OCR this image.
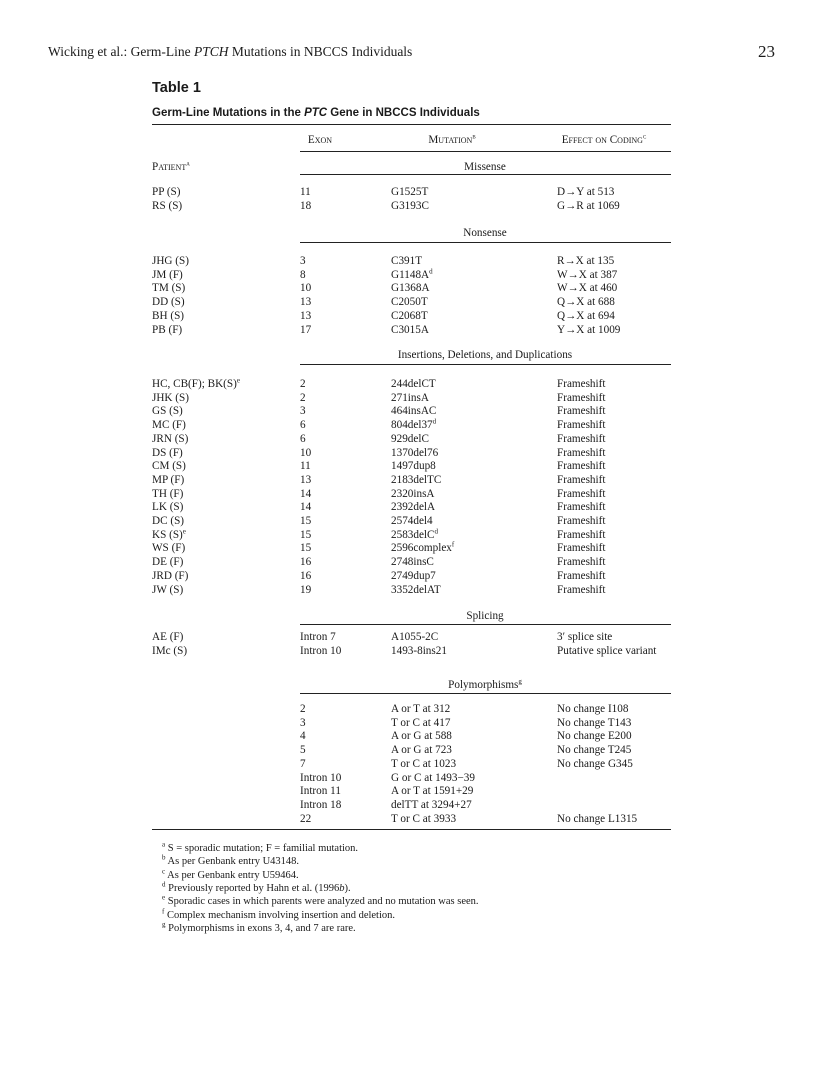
Wicking et al.: Germ-Line PTCH Mutations in NBCCS Individuals	23
Table 1
Germ-Line Mutations in the PTC Gene in NBCCS Individuals
Exon	Mutation$^b$	Effect on Coding$^c$
Patient$^a$	Missense
PP (S)	11	G1525T	D→Y at 513
RS (S)	18	G3193C	G→R at 1069
Nonsense
JHG (S)	3	C391T	R→X at 135
JM (F)	8	$G1148A^d$	W→X at 387
TM (S)	10	G1368A	W→X at 460
DD (S)	13	C2050T	Q→X at 688
BH (S)	13	C2068T	Q→X at 694
PB (F)	17	C3015A	Y→X at 1009
Insertions, Deletions, and Duplications
HC, CB(F); $BK(S)^e$	2	244delCT	Frameshift
JHK (S)	2	271insA	Frameshift
GS (S)	3	464insAC	Frameshift
MC (F)	6	804del37$^d$	Frameshift
JRN (S)	6	929delC	Frameshift
DS (F)	10	1370del76	Frameshift
CM (S)	11	1497dup8	Frameshift
MP (F)	13	2183delTC	Frameshift
TH (F)	14	2320insA	Frameshift
LK (S)	14	2392delA	Frameshift
DC (S)	15	2574del4	Frameshift
KS $(S)^e$	15	2583delC$^d$	Frameshift
WS (F)	15	2596complex$^f$	Frameshift
DE (F)	16	2748insC	Frameshift
JRD (F)	16	2749dup7	Frameshift
JW (S)	19	3352delAT	Frameshift
Splicing
AE (F)	Intron 7	A1055-2C	3′ splice site
IMc (S)	Intron 10	1493-8ins21	Putative splice variant
Polymorphisms$^g$
2	A or T at 312	No change I108
3	T or C at 417	No change T143
4	A or G at 588	No change E200
5	A or G at 723	No change T245
7	T or C at 1023	No change G345
Intron 10	G or C at 1493−39
Intron 11	A or T at 1591+29
Intron 18	delTT at 3294+27
22	T or C at 3933	No change L1315
$^a$ S = sporadic mutation; F = familial mutation.
$^b$ As per Genbank entry U43148.
$^c$ As per Genbank entry U59464.
$^d$ Previously reported by Hahn et al. (1996b).
$^e$ Sporadic cases in which parents were analyzed and no mutation was seen.
$^f$ Complex mechanism involving insertion and deletion.
$^g$ Polymorphisms in exons 3, 4, and 7 are rare.
